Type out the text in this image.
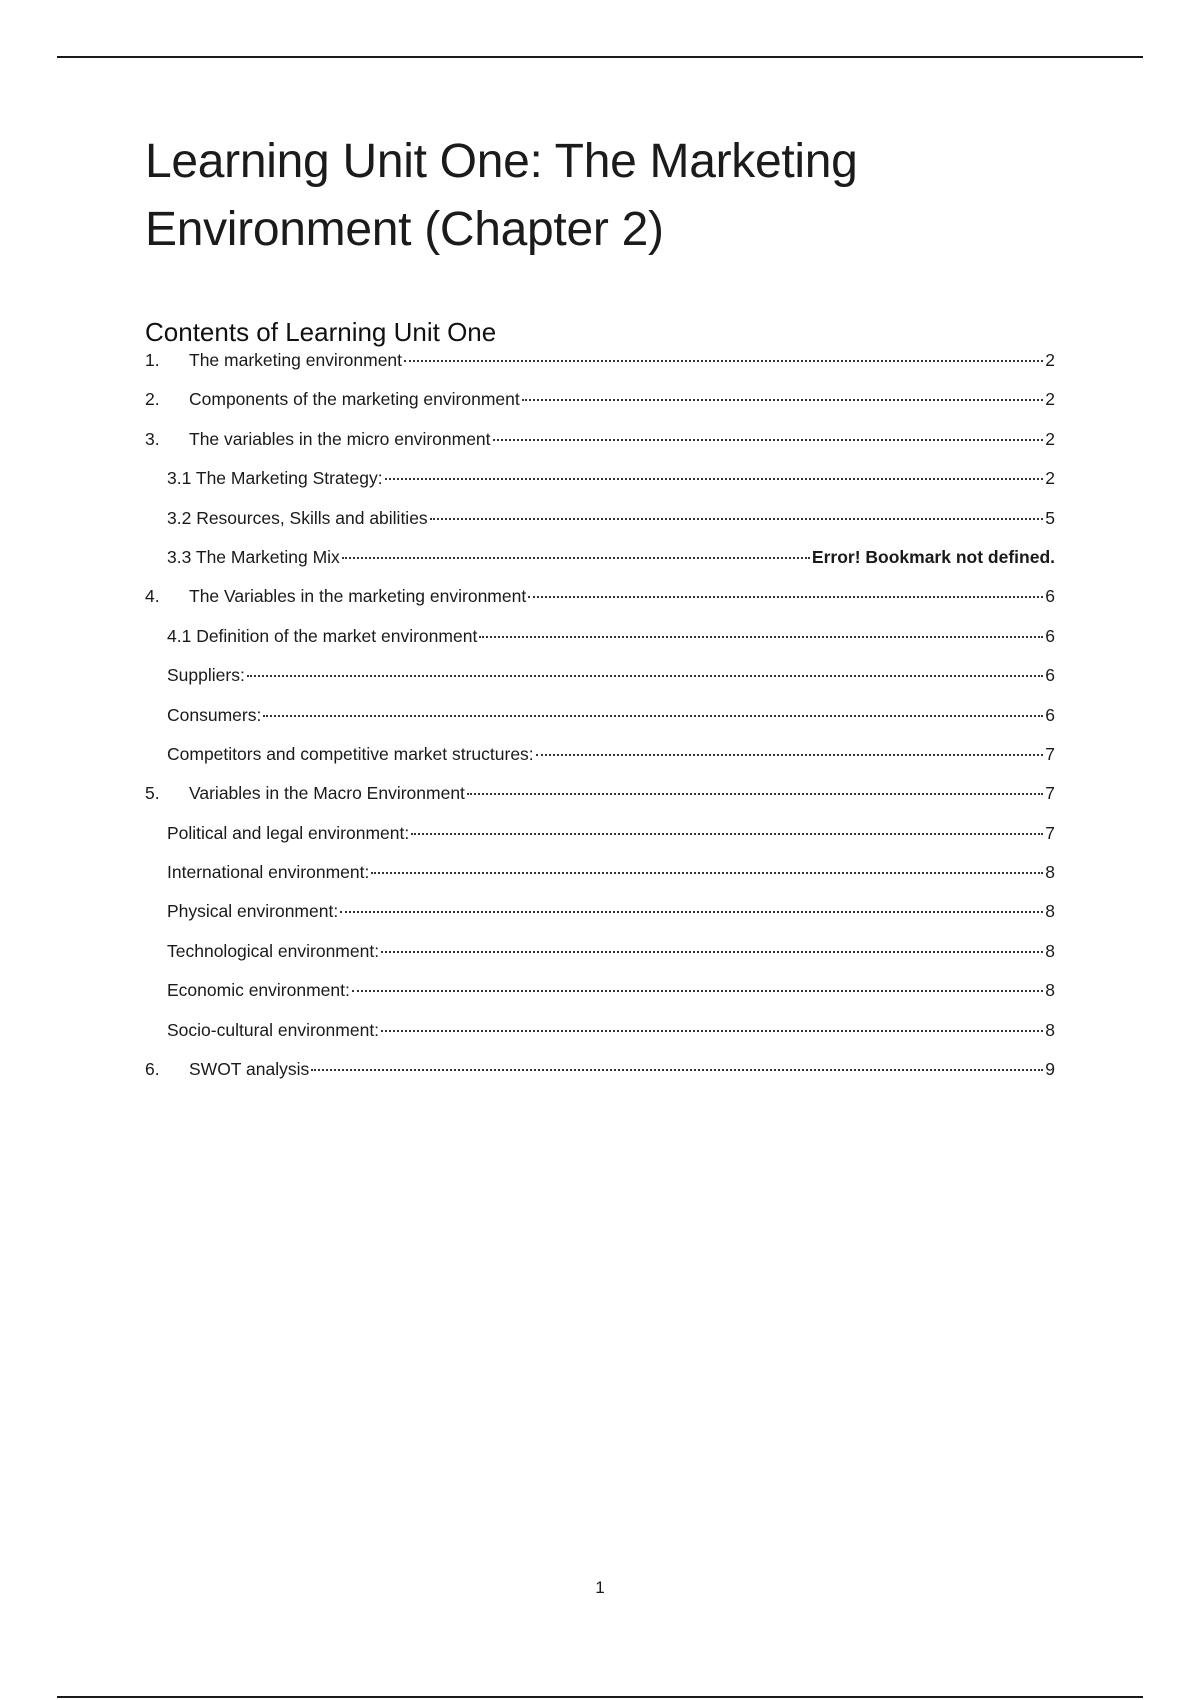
Learning Unit One: The Marketing Environment (Chapter 2)
Contents of Learning Unit One
1.	The marketing environment	2
2.	Components of the marketing environment	2
3.	The variables in the micro environment	2
3.1 The Marketing Strategy:	2
3.2 Resources, Skills and abilities	5
3.3 The Marketing Mix	Error! Bookmark not defined.
4.	The Variables in the marketing environment	6
4.1 Definition of the market environment	6
Suppliers:	6
Consumers:	6
Competitors and competitive market structures:	7
5.	Variables in the Macro Environment	7
Political and legal environment:	7
International environment:	8
Physical environment:	8
Technological environment:	8
Economic environment:	8
Socio-cultural environment:	8
6.	SWOT analysis	9
1
